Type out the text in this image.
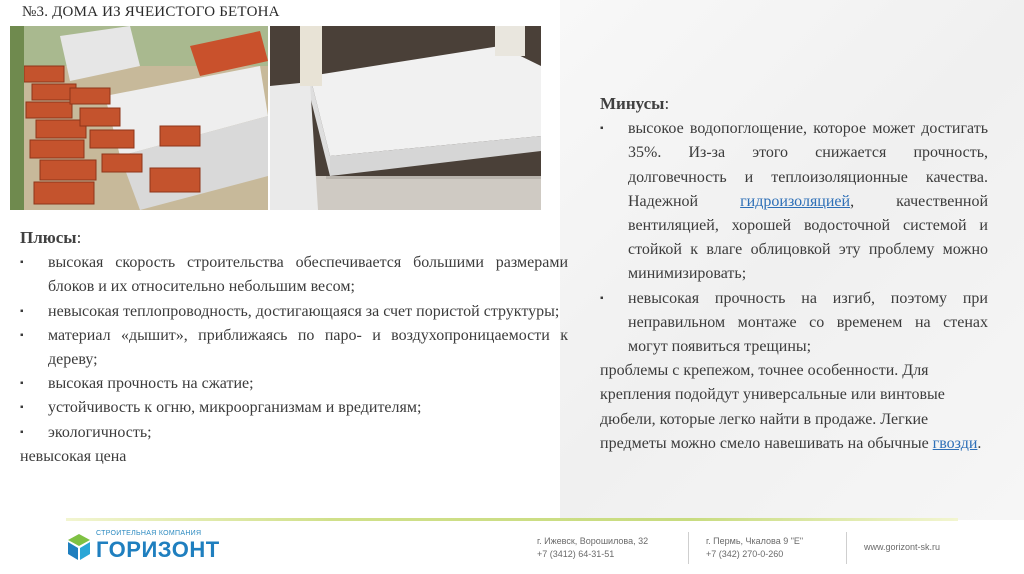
№3. ДОМА ИЗ ЯЧЕИСТОГО БЕТОНА
Плюсы:
▪ высокая скорость строительства обеспечивается большими размерами блоков и их относительно небольшим весом;
▪ невысокая теплопроводность, достигающаяся за счет пористой структуры;
▪ материал «дышит», приближаясь по паро- и воздухопроницаемости к дереву;
▪ высокая прочность на сжатие;
▪ устойчивость к огню, микроорганизмам и вредителям;
▪ экологичность;
невысокая цена
Минусы:
▪ высокое водопоглощение, которое может достигать 35%. Из-за этого снижается прочность, долговечность и теплоизоляционные качества. Надежной гидроизоляцией, качественной вентиляцией, хорошей водосточной системой и стойкой к влаге облицовкой эту проблему можно минимизировать;
▪ невысокая прочность на изгиб, поэтому при неправильном монтаже со временем на стенах могут появиться трещины;
проблемы с крепежом, точнее особенности. Для крепления подойдут универсальные или винтовые дюбели, которые легко найти в продаже. Легкие предметы можно смело навешивать на обычные гвозди.
СТРОИТЕЛЬНАЯ КОМПАНИЯ
ГОРИЗОНТ	г. Ижевск, Ворошилова, 32
+7 (3412) 64-31-51
г. Пермь, Чкалова 9 "Е"
+7 (342) 270-0-260
www.gorizont-sk.ru
